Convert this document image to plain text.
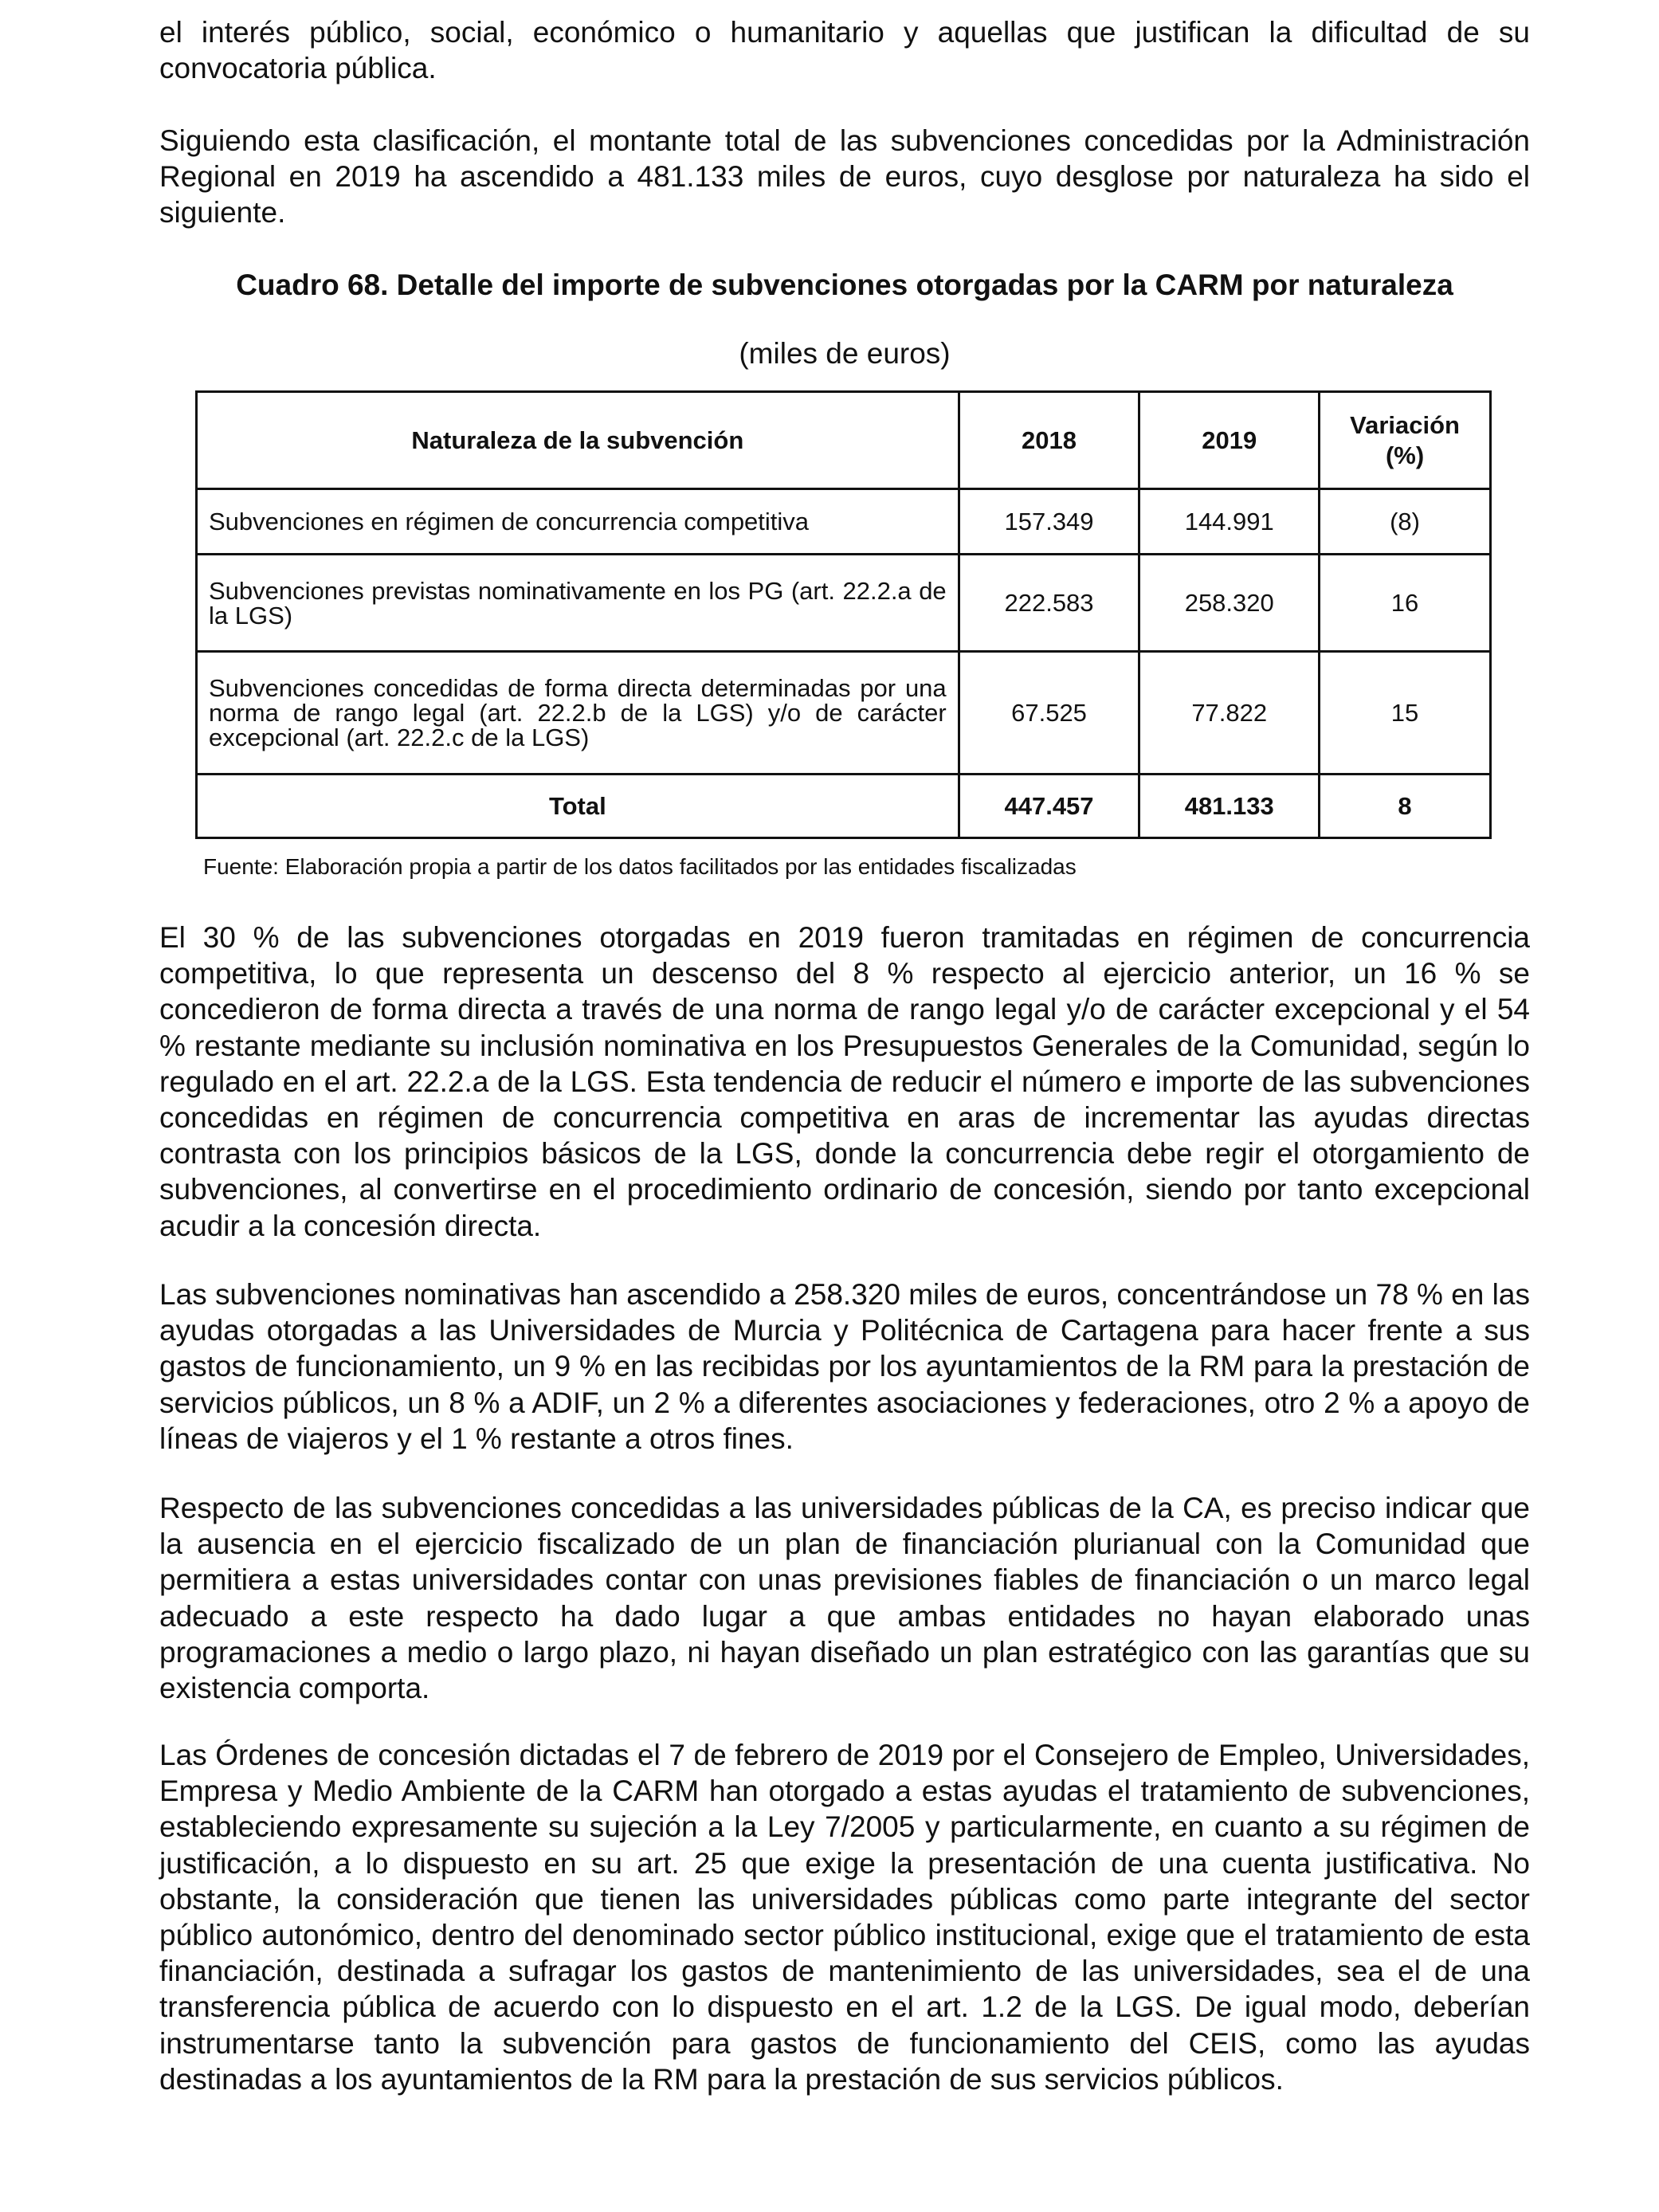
el interés público, social, económico o humanitario y aquellas que justifican la dificultad de su convocatoria pública.

Siguiendo esta clasificación, el montante total de las subvenciones concedidas por la Administración Regional en 2019 ha ascendido a 481.133 miles de euros, cuyo desglose por naturaleza ha sido el siguiente.

Cuadro 68. Detalle del importe de subvenciones otorgadas por la CARM por naturaleza

(miles de euros)

Naturaleza de la subvención	2018	2019	Variación (%)

Subvenciones en régimen de concurrencia competitiva	157.349	144.991	(8)
Subvenciones previstas nominativamente en los PG (art. 22.2.a de la LGS)	222.583	258.320	16
Subvenciones concedidas de forma directa determinadas por una norma de rango legal (art. 22.2.b de la LGS) y/o de carácter excepcional (art. 22.2.c de la LGS)	67.525	77.822	15
Total	447.457	481.133	8

Fuente: Elaboración propia a partir de los datos facilitados por las entidades fiscalizadas

El 30 % de las subvenciones otorgadas en 2019 fueron tramitadas en régimen de concurrencia competitiva, lo que representa un descenso del 8 % respecto al ejercicio anterior, un 16 % se concedieron de forma directa a través de una norma de rango legal y/o de carácter excepcional y el 54 % restante mediante su inclusión nominativa en los Presupuestos Generales de la Comunidad, según lo regulado en el art. 22.2.a de la LGS. Esta tendencia de reducir el número e importe de las subvenciones concedidas en régimen de concurrencia competitiva en aras de incrementar las ayudas directas contrasta con los principios básicos de la LGS, donde la concurrencia debe regir el otorgamiento de subvenciones, al convertirse en el procedimiento ordinario de concesión, siendo por tanto excepcional acudir a la concesión directa.

Las subvenciones nominativas han ascendido a 258.320 miles de euros, concentrándose un 78 % en las ayudas otorgadas a las Universidades de Murcia y Politécnica de Cartagena para hacer frente a sus gastos de funcionamiento, un 9 % en las recibidas por los ayuntamientos de la RM para la prestación de servicios públicos, un 8 % a ADIF, un 2 % a diferentes asociaciones y federaciones, otro 2 % a apoyo de líneas de viajeros y el 1 % restante a otros fines.

Respecto de las subvenciones concedidas a las universidades públicas de la CA, es preciso indicar que la ausencia en el ejercicio fiscalizado de un plan de financiación plurianual con la Comunidad que permitiera a estas universidades contar con unas previsiones fiables de financiación o un marco legal adecuado a este respecto ha dado lugar a que ambas entidades no hayan elaborado unas programaciones a medio o largo plazo, ni hayan diseñado un plan estratégico con las garantías que su existencia comporta.

Las Órdenes de concesión dictadas el 7 de febrero de 2019 por el Consejero de Empleo, Universidades, Empresa y Medio Ambiente de la CARM han otorgado a estas ayudas el tratamiento de subvenciones, estableciendo expresamente su sujeción a la Ley 7/2005 y particularmente, en cuanto a su régimen de justificación, a lo dispuesto en su art. 25 que exige la presentación de una cuenta justificativa. No obstante, la consideración que tienen las universidades públicas como parte integrante del sector público autonómico, dentro del denominado sector público institucional, exige que el tratamiento de esta financiación, destinada a sufragar los gastos de mantenimiento de las universidades, sea el de una transferencia pública de acuerdo con lo dispuesto en el art. 1.2 de la LGS. De igual modo, deberían instrumentarse tanto la subvención para gastos de funcionamiento del CEIS, como las ayudas destinadas a los ayuntamientos de la RM para la prestación de sus servicios públicos.
